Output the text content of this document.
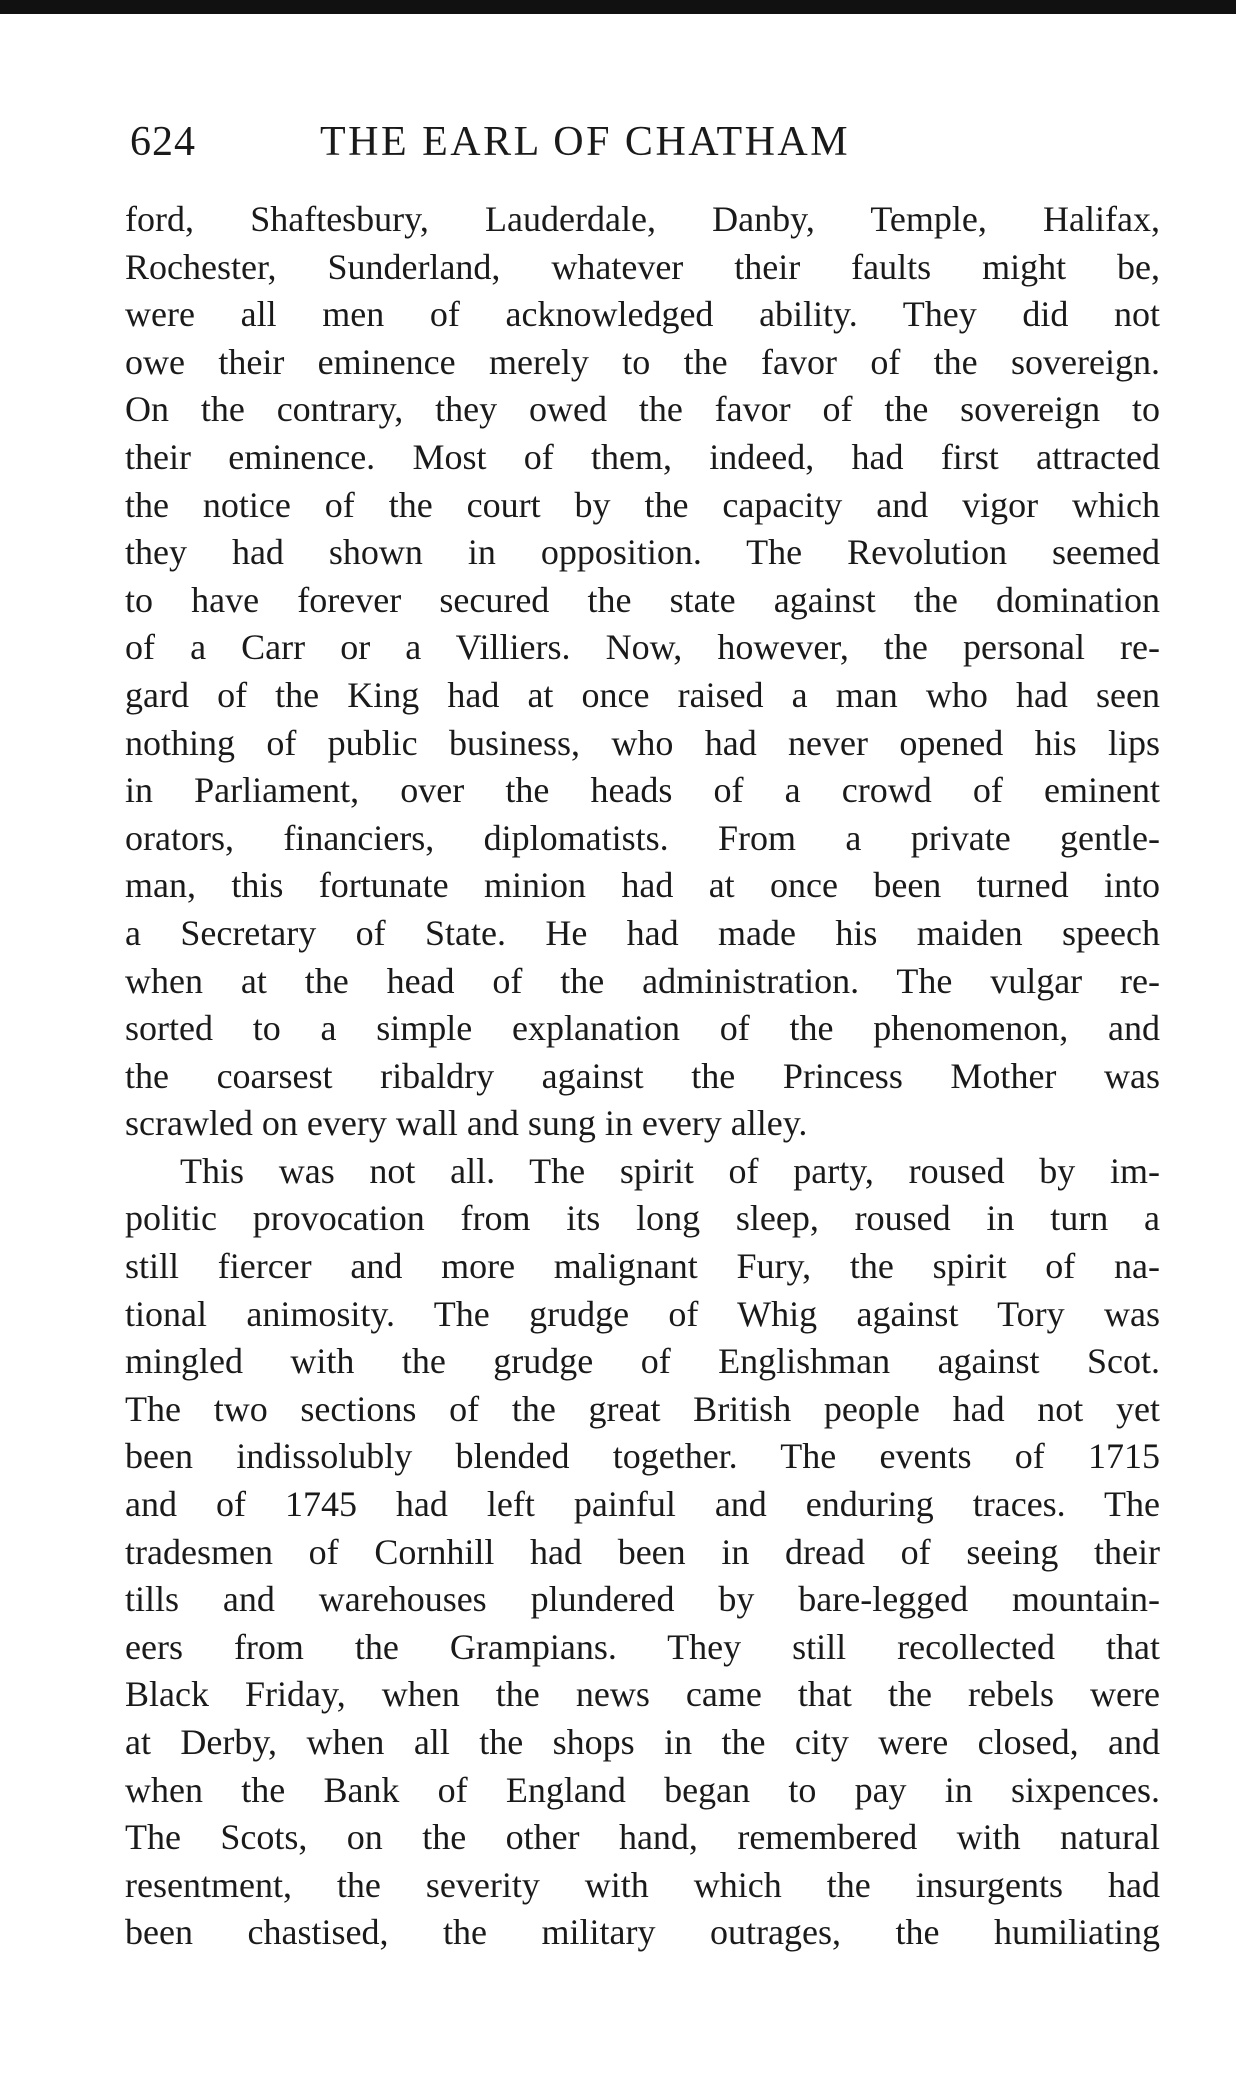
624	THE EARL OF CHATHAM
ford, Shaftesbury, Lauderdale, Danby, Temple, Halifax,
Rochester, Sunderland, whatever their faults might be,
were all men of acknowledged ability. They did not
owe their eminence merely to the favor of the sovereign.
On the contrary, they owed the favor of the sovereign to
their eminence. Most of them, indeed, had first attracted
the notice of the court by the capacity and vigor which
they had shown in opposition. The Revolution seemed
to have forever secured the state against the domination
of a Carr or a Villiers. Now, however, the personal re-
gard of the King had at once raised a man who had seen
nothing of public business, who had never opened his lips
in Parliament, over the heads of a crowd of eminent
orators, financiers, diplomatists. From a private gentle-
man, this fortunate minion had at once been turned into
a Secretary of State. He had made his maiden speech
when at the head of the administration. The vulgar re-
sorted to a simple explanation of the phenomenon, and
the coarsest ribaldry against the Princess Mother was
scrawled on every wall and sung in every alley.
This was not all. The spirit of party, roused by im-
politic provocation from its long sleep, roused in turn a
still fiercer and more malignant Fury, the spirit of na-
tional animosity. The grudge of Whig against Tory was
mingled with the grudge of Englishman against Scot.
The two sections of the great British people had not yet
been indissolubly blended together. The events of 1715
and of 1745 had left painful and enduring traces. The
tradesmen of Cornhill had been in dread of seeing their
tills and warehouses plundered by bare-legged mountain-
eers from the Grampians. They still recollected that
Black Friday, when the news came that the rebels were
at Derby, when all the shops in the city were closed, and
when the Bank of England began to pay in sixpences.
The Scots, on the other hand, remembered with natural
resentment, the severity with which the insurgents had
been chastised, the military outrages, the humiliating
